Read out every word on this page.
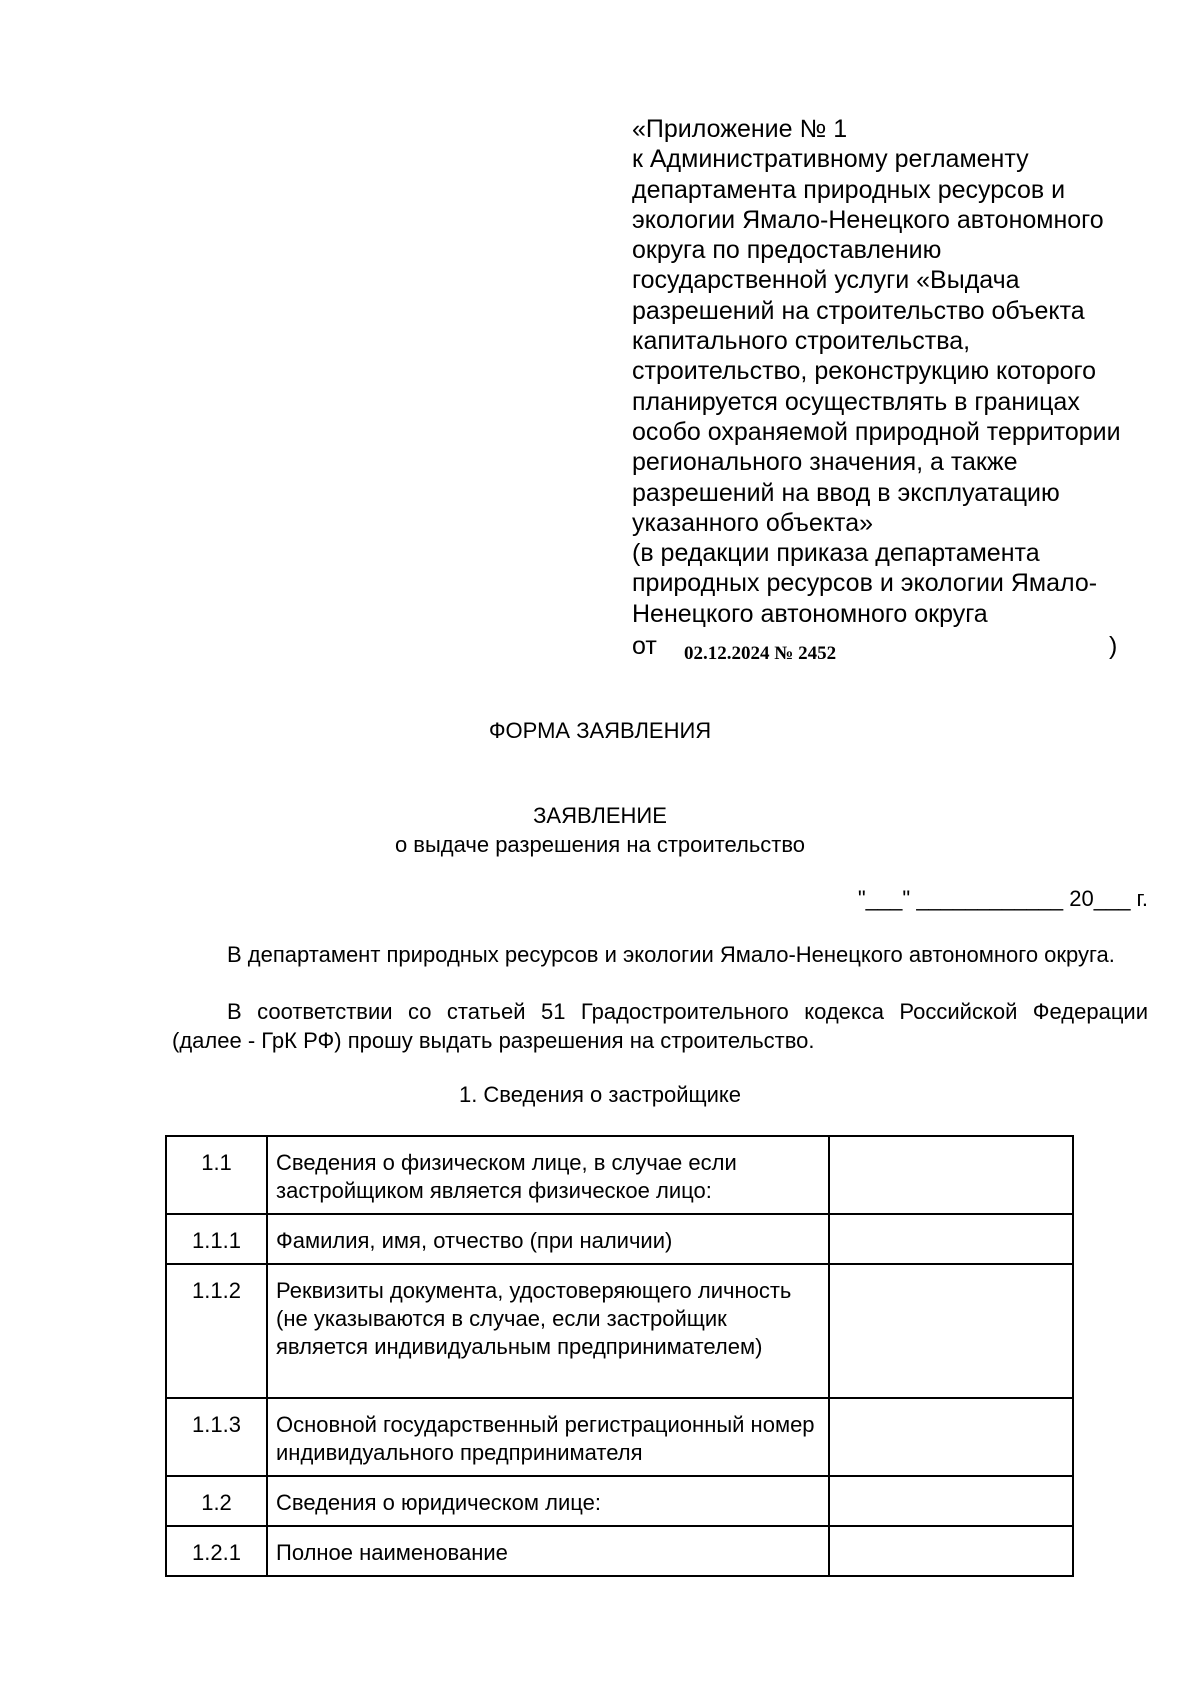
«Приложение № 1
к Административному регламенту
департамента природных ресурсов и
экологии Ямало-Ненецкого автономного
округа по предоставлению
государственной услуги «Выдача
разрешений на строительство объекта
капитального строительства,
строительство, реконструкцию которого
планируется осуществлять в границах
особо охраняемой природной территории
регионального значения, а также
разрешений на ввод в эксплуатацию
указанного объекта»
(в редакции приказа департамента
природных ресурсов и экологии Ямало-
Ненецкого автономного округа
от 02.12.2024 № 2452	)
ФОРМА ЗАЯВЛЕНИЯ
ЗАЯВЛЕНИЕ
о выдаче разрешения на строительство
"___" ____________ 20___ г.
В департамент природных ресурсов и экологии Ямало-Ненецкого автономного округа.
В соответствии со статьей 51 Градостроительного кодекса Российской Федерации (далее - ГрК РФ) прошу выдать разрешения на строительство.
1. Сведения о застройщике
1.1	Сведения о физическом лице, в случае если застройщиком является физическое лицо:	
1.1.1	Фамилия, имя, отчество (при наличии)	
1.1.2	Реквизиты документа, удостоверяющего личность (не указываются в случае, если застройщик является индивидуальным предпринимателем)	
1.1.3	Основной государственный регистрационный номер индивидуального предпринимателя	
1.2	Сведения о юридическом лице:	
1.2.1	Полное наименование	
